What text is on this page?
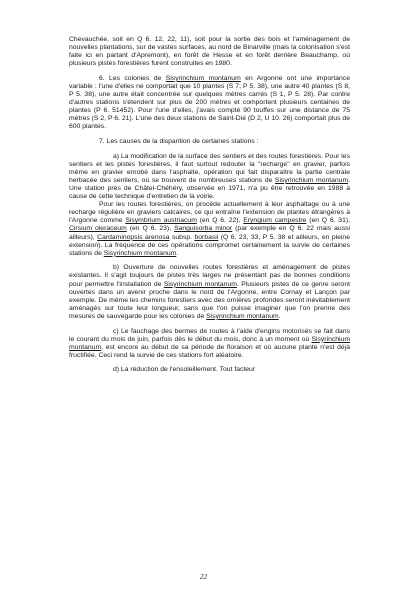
Chevauchée, soit en Q 6. 12, 22, 11), soit pour la sortie des bois et l'aménagement de nouvelles plantations, sur de vastes surfaces, au nord de Binarville (mais la colonisation s'est faite ici en partant d'Apremont), en forêt de Hesse et en forêt derrière Beauchamp, où plusieurs pistes forestières furent construites en 1980.

6. Les colonies de Sisyrinchium montanum en Argonne ont une importance variable : l'une d'elles ne comportait que 10 plantes (S 7, P 5. 38), une autre 40 plantes (S 8, P 5. 38), une autre était concentrée sur quelques mètres carrés (S 1, P 5. 28). Par contre d'autres stations s'étendent sur plus de 200 mètres et comportent plusieurs centaines de plantes (P 6. 51452). Pour l'une d'elles, j'avais compté 90 touffes sur une distance de 75 mètres (S 2, P 6. 21). L'une des deux stations de Saint-Dié (D 2, U 10. 26) comportait plus de 600 plantes.

7. Les causes de la disparition de certaines stations :

a) La modification de la surface des sentiers et des routes forestières. Pour les sentiers et les pistes forestières, il faut surtout redouter la "recharge" en gravier, parfois même en gravier enrobé dans l'asphalte, opération qui fait disparaître la partie centrale herbacée des sentiers, où se trouvent de nombreuses stations de Sisyrinchium montanum. Une station près de Châtel-Chéhéry, observée en 1971, n'a pu être retrouvée en 1988 à cause de cette technique d'entretien de la voirie.

Pour les routes forestières, on procède actuellement à leur asphaltage ou à une recharge régulière en graviers calcaires, ce qui entraîne l'extension de plantes étrangères à l'Argonne comme Sisymbrium austriacum (en Q 6. 22), Eryngium campestre (en Q 6. 31), Cirsium oleraceum (en Q 6. 23), Sanguisorba minor (par exemple en Q 6. 22 mais aussi ailleurs), Cardaminopsis arenosa subsp. borbasii (Q 6. 23, 33, P 5. 38 et ailleurs, en pleine extension). La fréquence de ces opérations compromet certainement la survie de certaines stations de Sisyrinchium montanum.

b) Ouverture de nouvelles routes forestières et aménagement de pistes existantes. Il s'agit toujours de pistes très larges ne présentant pas de bonnes conditions pour permettre l'installation de Sisyrinchium montanum. Plusieurs pistes de ce genre seront ouvertes dans un avenir proche dans le nord de l'Argonne, entre Cornay et Lançon par exemple. De même les chemins forestiers avec des ornières profondes seront inévitablement aménagés sur toute leur longueur, sans que l'on puisse imaginer que l'on prenne des mesures de sauvegarde pour les colonies de Sisyrinchium montanum.

c) Le fauchage des bermes de routes à l'aide d'engins motorisés se fait dans le courant du mois de juin, parfois dès le début du mois, donc à un moment où Sisyrinchium montanum, est encore au début de sa période de floraison et où aucune plante n'est déjà fructifiée. Ceci rend la survie de ces stations fort aléatoire.

d) La réduction de l'ensoleillement. Tout facteur

22
